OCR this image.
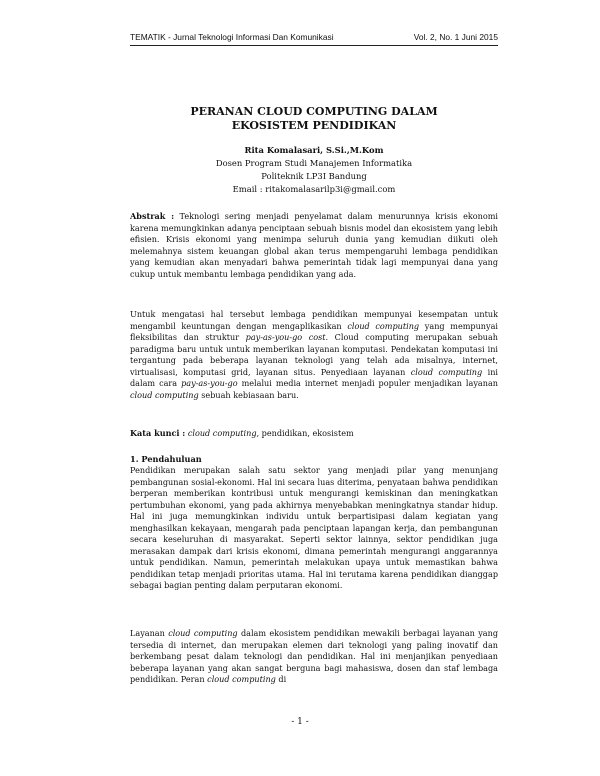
TEMATIK - Jurnal Teknologi Informasi Dan Komunikasi	Vol. 2, No. 1 Juni 2015
PERANAN CLOUD COMPUTING DALAM
EKOSISTEM PENDIDIKAN
Rita Komalasari, S.Si.,M.Kom
Dosen Program Studi Manajemen Informatika
Politeknik LP3I Bandung
Email : ritakomalasarilp3i@gmail.com
Abstrak : Teknologi sering menjadi penyelamat dalam menurunnya krisis ekonomi karena memungkinkan adanya penciptaan sebuah bisnis model dan ekosistem yang lebih efisien. Krisis ekonomi yang menimpa seluruh dunia yang kemudian diikuti oleh melemahnya sistem keuangan global akan terus mempengaruhi lembaga pendidikan yang kemudian akan menyadari bahwa pemerintah tidak lagi mempunyai dana yang cukup untuk membantu lembaga pendidikan yang ada.
Untuk mengatasi hal tersebut lembaga pendidikan mempunyai kesempatan untuk mengambil keuntungan dengan mengaplikasikan cloud computing yang mempunyai fleksibilitas dan struktur pay-as-you-go cost. Cloud computing merupakan sebuah paradigma baru untuk untuk memberikan layanan komputasi. Pendekatan komputasi ini tergantung pada beberapa layanan teknologi yang telah ada misalnya, internet, virtualisasi, komputasi grid, layanan situs. Penyediaan layanan cloud computing ini dalam cara pay-as-you-go melalui media internet menjadi populer menjadikan layanan cloud computing sebuah kebiasaan baru.
Kata kunci : cloud computing, pendidikan, ekosistem
1. Pendahuluan
Pendidikan merupakan salah satu sektor yang menjadi pilar yang menunjang pembangunan sosial-ekonomi. Hal ini secara luas diterima, penyataan bahwa pendidikan berperan memberikan kontribusi untuk mengurangi kemiskinan dan meningkatkan pertumbuhan ekonomi, yang pada akhirnya menyebabkan meningkatnya standar hidup. Hal ini juga memungkinkan individu untuk berpartisipasi dalam kegiatan yang menghasilkan kekayaan, mengarah pada penciptaan lapangan kerja, dan pembangunan secara keseluruhan di masyarakat. Seperti sektor lainnya, sektor pendidikan juga merasakan dampak dari krisis ekonomi, dimana pemerintah mengurangi anggarannya untuk pendidikan. Namun, pemerintah melakukan upaya untuk memastikan bahwa pendidikan tetap menjadi prioritas utama. Hal ini terutama karena pendidikan dianggap sebagai bagian penting dalam perputaran ekonomi.
Layanan cloud computing dalam ekosistem pendidikan mewakili berbagai layanan yang tersedia di internet, dan merupakan elemen dari teknologi yang paling inovatif dan berkembang pesat dalam teknologi dan pendidikan. Hal ini menjanjikan penyediaan beberapa layanan yang akan sangat berguna bagi mahasiswa, dosen dan staf lembaga pendidikan. Peran cloud computing di
- 1 -
